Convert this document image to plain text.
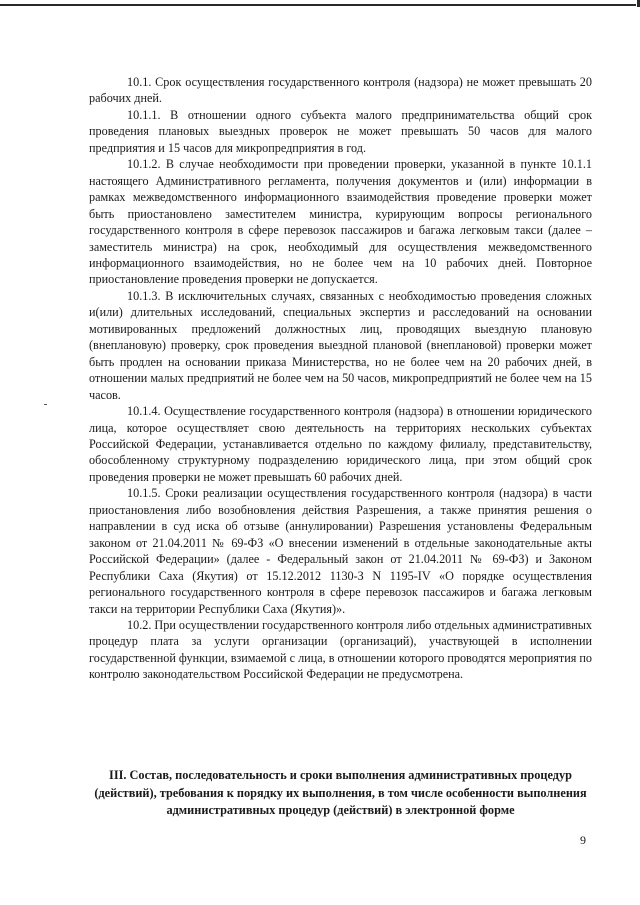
10.1. Срок осуществления государственного контроля (надзора) не может превышать 20 рабочих дней.

10.1.1. В отношении одного субъекта малого предпринимательства общий срок проведения плановых выездных проверок не может превышать 50 часов для малого предприятия и 15 часов для микропредприятия в год.

10.1.2. В случае необходимости при проведении проверки, указанной в пункте 10.1.1 настоящего Административного регламента, получения документов и (или) информации в рамках межведомственного информационного взаимодействия проведение проверки может быть приостановлено заместителем министра, курирующим вопросы регионального государственного контроля в сфере перевозок пассажиров и багажа легковым такси (далее – заместитель министра) на срок, необходимый для осуществления межведомственного информационного взаимодействия, но не более чем на 10 рабочих дней. Повторное приостановление проведения проверки не допускается.

10.1.3. В исключительных случаях, связанных с необходимостью проведения сложных и(или) длительных исследований, специальных экспертиз и расследований на основании мотивированных предложений должностных лиц, проводящих выездную плановую (внеплановую) проверку, срок проведения выездной плановой (внеплановой) проверки может быть продлен на основании приказа Министерства, но не более чем на 20 рабочих дней, в отношении малых предприятий не более чем на 50 часов, микропредприятий не более чем на 15 часов.

10.1.4. Осуществление государственного контроля (надзора) в отношении юридического лица, которое осуществляет свою деятельность на территориях нескольких субъектах Российской Федерации, устанавливается отдельно по каждому филиалу, представительству, обособленному структурному подразделению юридического лица, при этом общий срок проведения проверки не может превышать 60 рабочих дней.

10.1.5. Сроки реализации осуществления государственного контроля (надзора) в части приостановления либо возобновления действия Разрешения, а также принятия решения о направлении в суд иска об отзыве (аннулировании) Разрешения установлены Федеральным законом от 21.04.2011 № 69-ФЗ «О внесении изменений в отдельные законодательные акты Российской Федерации» (далее - Федеральный закон от 21.04.2011 № 69-ФЗ) и Законом Республики Саха (Якутия) от 15.12.2012 1130-З N 1195-IV «О порядке осуществления регионального государственного контроля в сфере перевозок пассажиров и багажа легковым такси на территории Республики Саха (Якутия)».

10.2. При осуществлении государственного контроля либо отдельных административных процедур плата за услуги организации (организаций), участвующей в исполнении государственной функции, взимаемой с лица, в отношении которого проводятся мероприятия по контролю законодательством Российской Федерации не предусмотрена.

III. Состав, последовательность и сроки выполнения административных процедур (действий), требования к порядку их выполнения, в том числе особенности выполнения административных процедур (действий) в электронной форме
9
